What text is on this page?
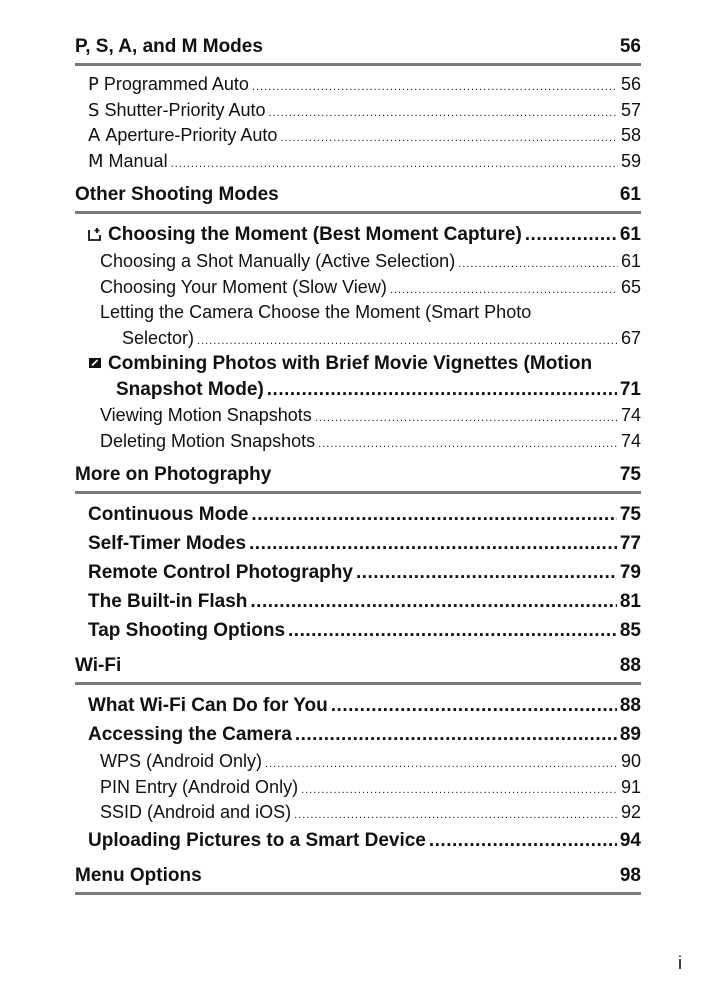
P, S, A, and M Modes	56
P Programmed Auto .....	56
S Shutter-Priority Auto .....	57
A Aperture-Priority Auto .....	58
M Manual .....	59
Other Shooting Modes	61
Choosing the Moment (Best Moment Capture) .....	61
Choosing a Shot Manually (Active Selection) .....	61
Choosing Your Moment (Slow View) .....	65
Letting the Camera Choose the Moment (Smart Photo
Selector) .....	67
Combining Photos with Brief Movie Vignettes (Motion
Snapshot Mode) .....	71
Viewing Motion Snapshots .....	74
Deleting Motion Snapshots .....	74
More on Photography	75
Continuous Mode .....	75
Self-Timer Modes .....	77
Remote Control Photography .....	79
The Built-in Flash .....	81
Tap Shooting Options .....	85
Wi-Fi	88
What Wi-Fi Can Do for You .....	88
Accessing the Camera .....	89
WPS (Android Only) .....	90
PIN Entry (Android Only) .....	91
SSID (Android and iOS) .....	92
Uploading Pictures to a Smart Device .....	94
Menu Options	98
i
